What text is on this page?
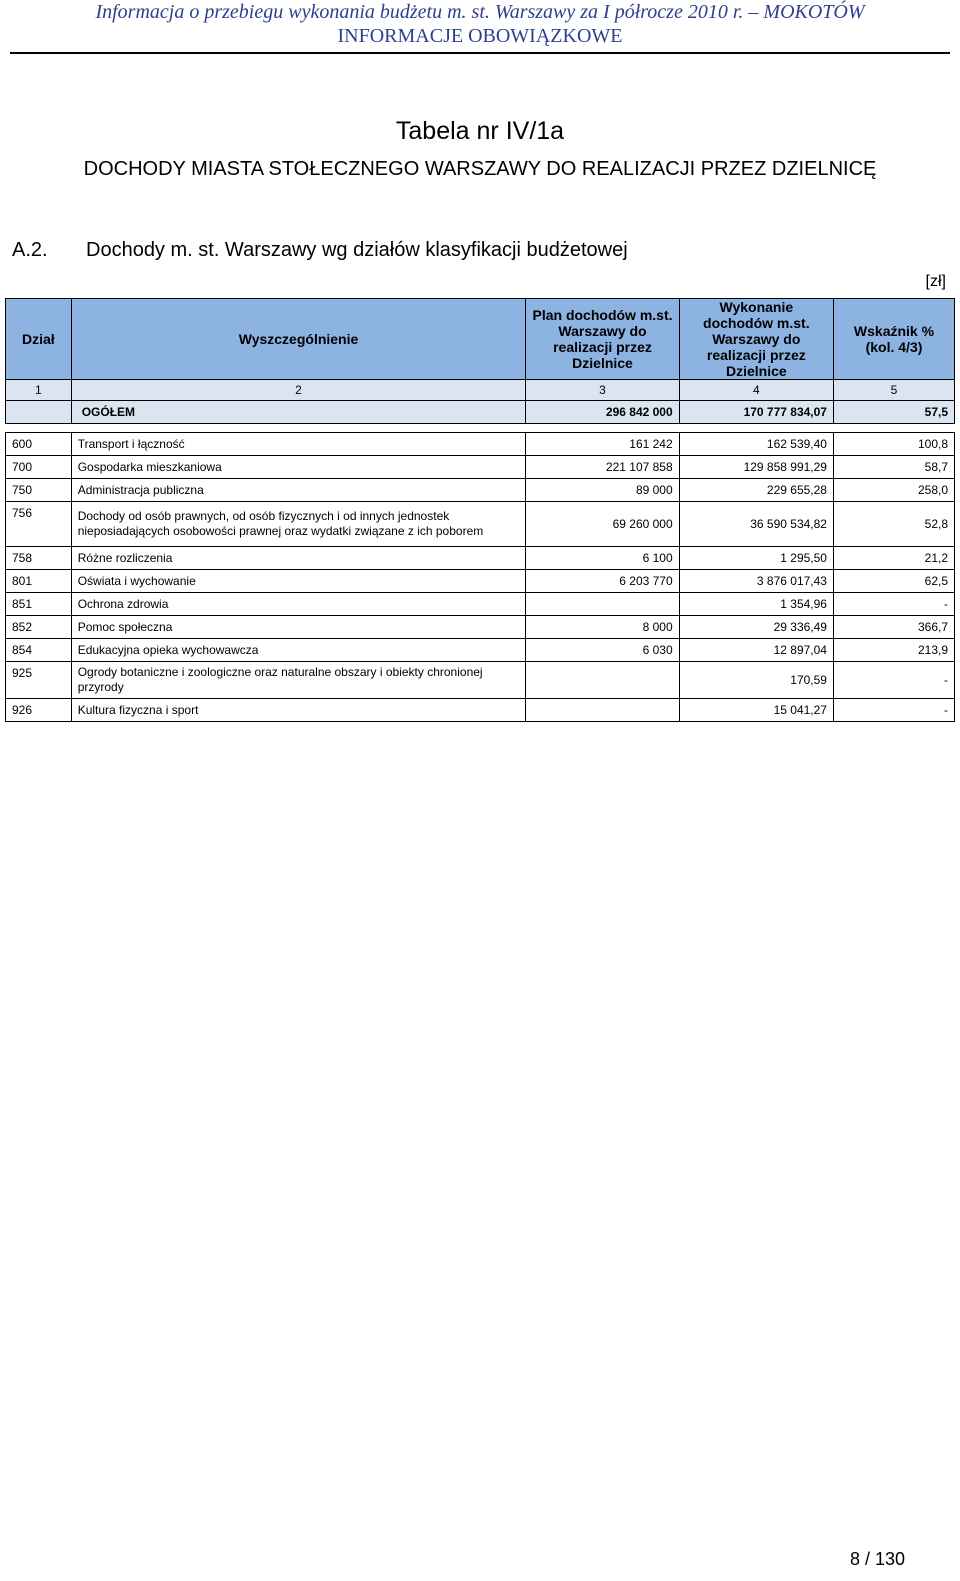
Informacja o przebiegu wykonania budżetu m. st. Warszawy za I półrocze 2010 r. – MOKOTÓW
INFORMACJE OBOWIĄZKOWE
Tabela nr IV/1a
DOCHODY MIASTA STOŁECZNEGO WARSZAWY DO REALIZACJI PRZEZ DZIELNICĘ
A.2. Dochody m. st. Warszawy wg działów klasyfikacji budżetowej
[zł]
Dział	Wyszczególnienie	Plan dochodów m.st. Warszawy do realizacji przez Dzielnice	Wykonanie dochodów m.st. Warszawy do realizacji przez Dzielnice	Wskaźnik % (kol. 4/3)
1	2	3	4	5
	OGÓŁEM	296 842 000	170 777 834,07	57,5

600	Transport i łączność	161 242	162 539,40	100,8
700	Gospodarka mieszkaniowa	221 107 858	129 858 991,29	58,7
750	Administracja publiczna	89 000	229 655,28	258,0
756	Dochody od osób prawnych, od osób fizycznych i od innych jednostek nieposiadających osobowości prawnej oraz wydatki związane z ich poborem	69 260 000	36 590 534,82	52,8
758	Różne rozliczenia	6 100	1 295,50	21,2
801	Oświata i wychowanie	6 203 770	3 876 017,43	62,5
851	Ochrona zdrowia		1 354,96	-
852	Pomoc społeczna	8 000	29 336,49	366,7
854	Edukacyjna opieka wychowawcza	6 030	12 897,04	213,9
925	Ogrody botaniczne i zoologiczne oraz naturalne obszary i obiekty chronionej przyrody		170,59	-
926	Kultura fizyczna i sport		15 041,27	-
8 / 130
